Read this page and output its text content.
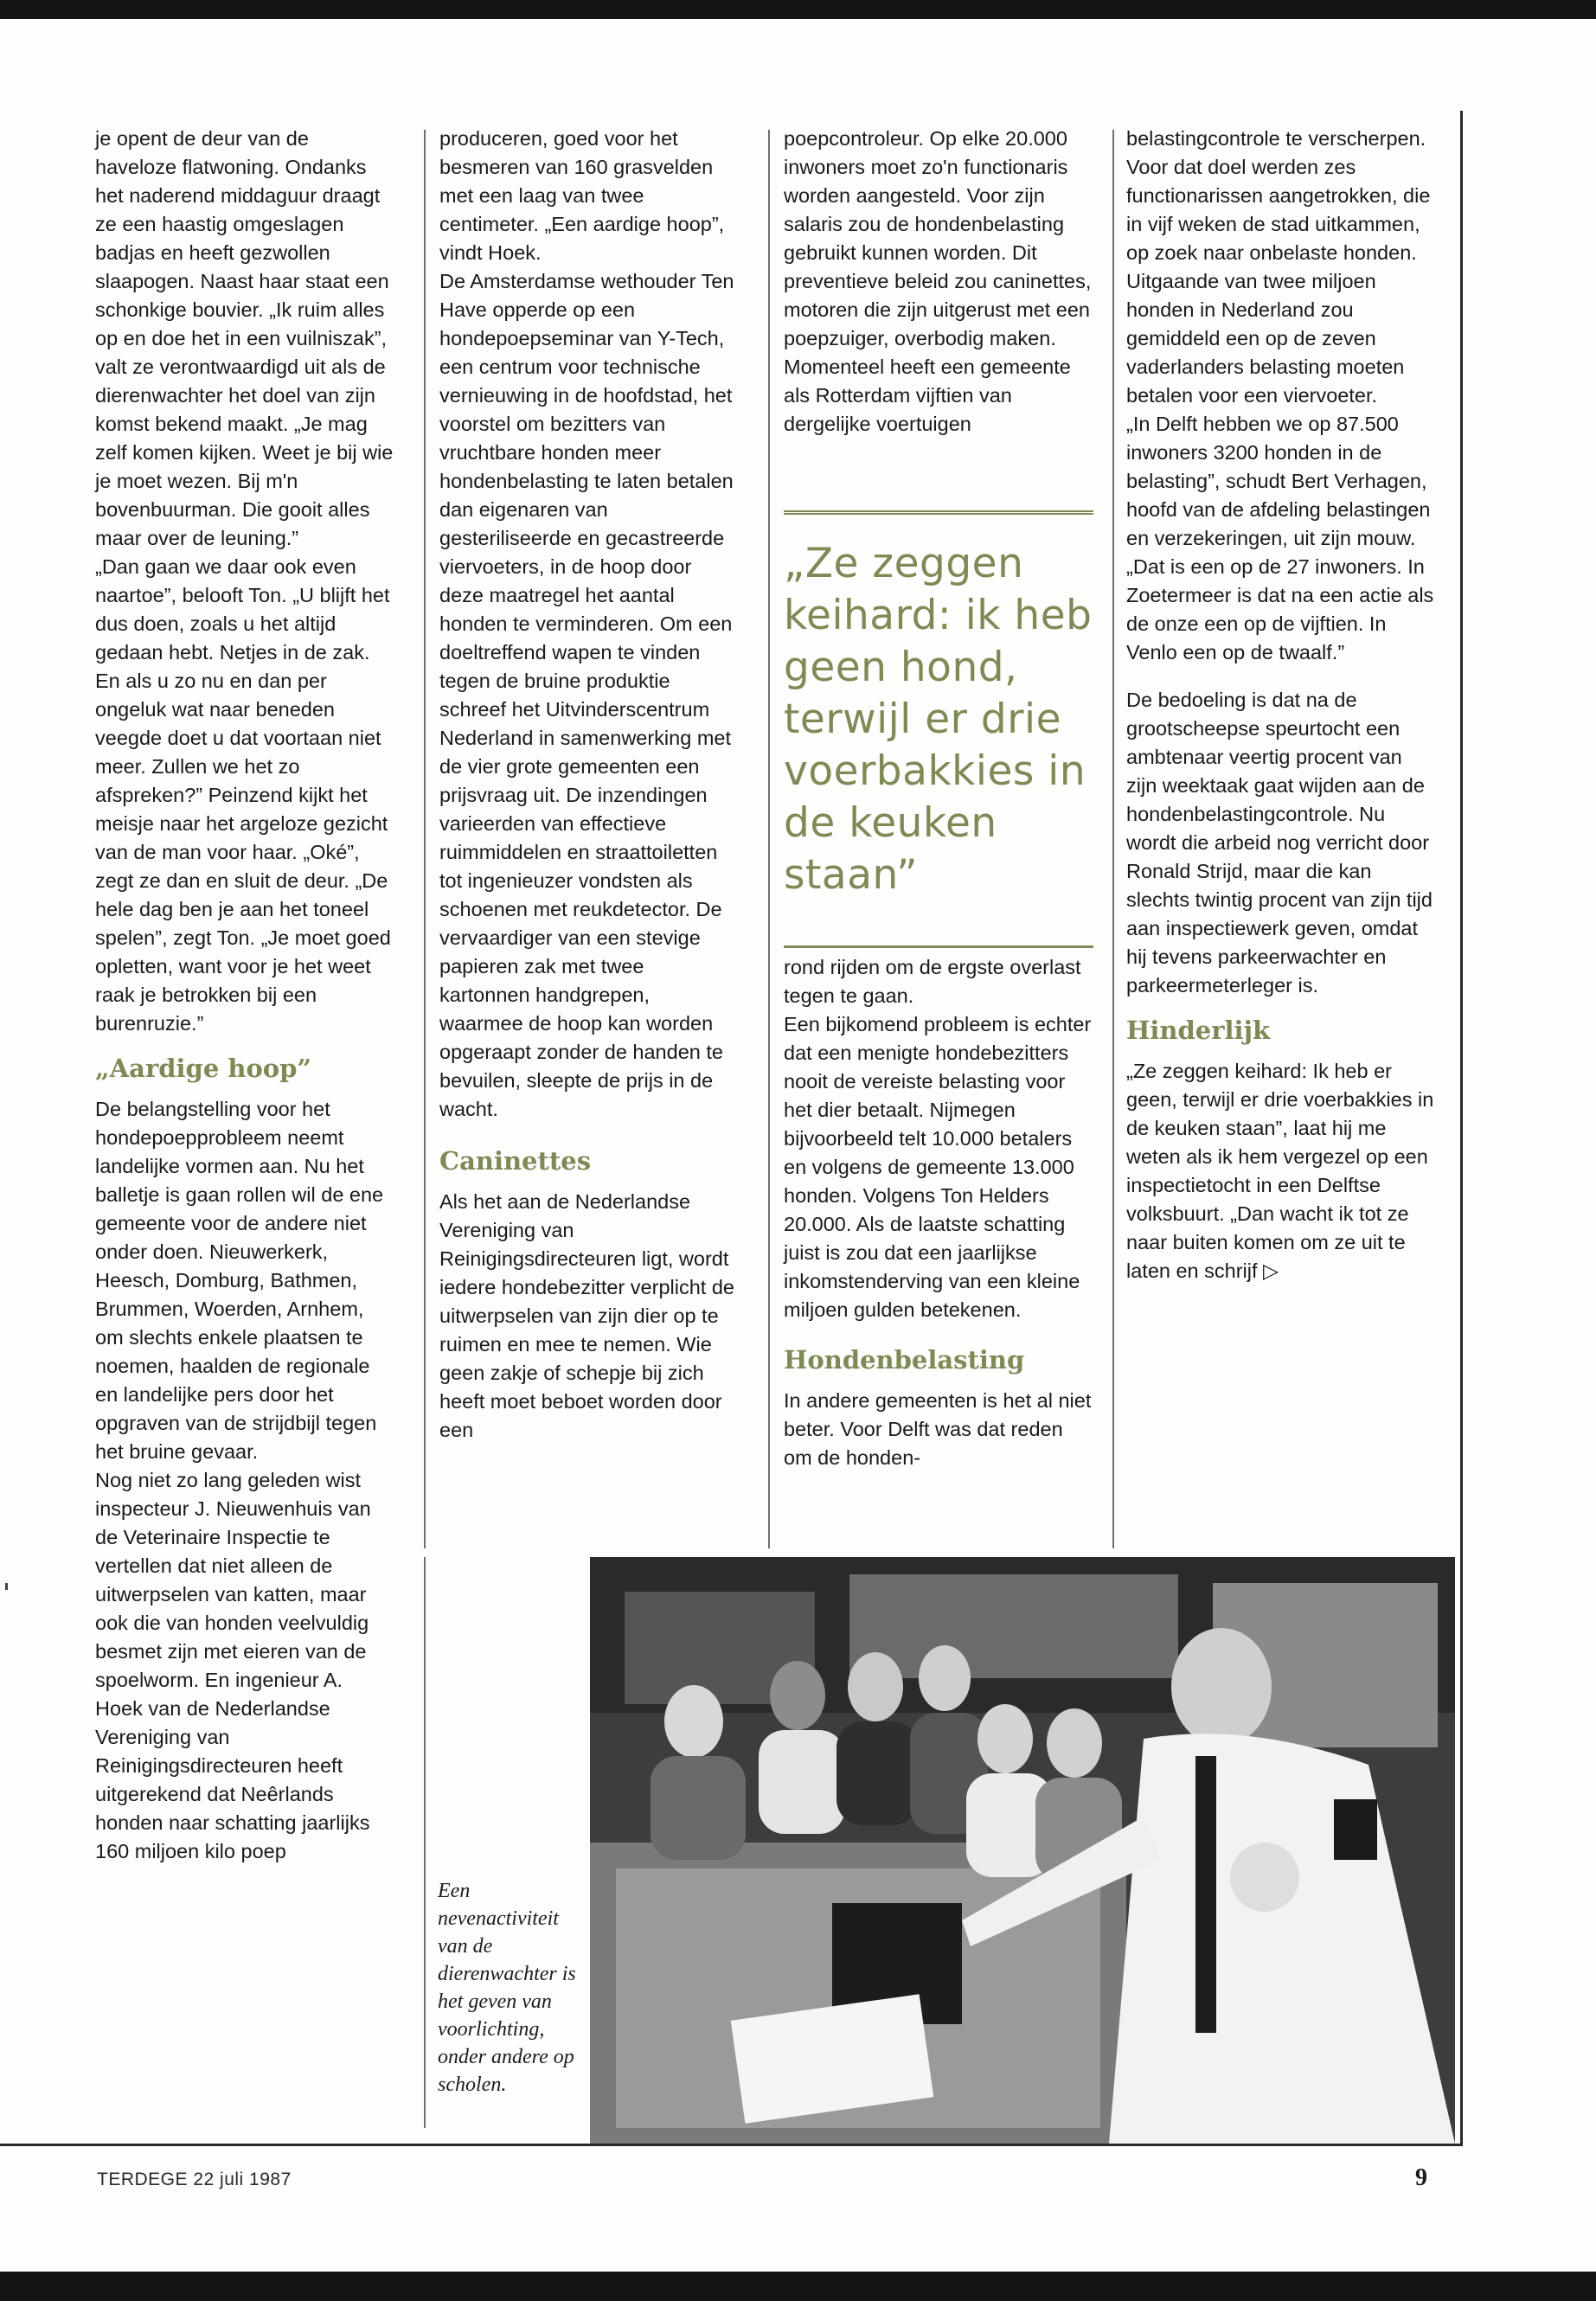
je opent de deur van de haveloze flatwoning. Ondanks het naderend middaguur draagt ze een haastig omgeslagen badjas en heeft gezwollen slaapogen. Naast haar staat een schonkige bouvier. „Ik ruim alles op en doe het in een vuilniszak”, valt ze verontwaardigd uit als de dierenwachter het doel van zijn komst bekend maakt. „Je mag zelf komen kijken. Weet je bij wie je moet wezen. Bij m'n bovenbuurman. Die gooit alles maar over de leuning.”

„Dan gaan we daar ook even naartoe”, belooft Ton. „U blijft het dus doen, zoals u het altijd gedaan hebt. Netjes in de zak. En als u zo nu en dan per ongeluk wat naar beneden veegde doet u dat voortaan niet meer. Zullen we het zo afspreken?” Peinzend kijkt het meisje naar het argeloze gezicht van de man voor haar. „Oké”, zegt ze dan en sluit de deur. „De hele dag ben je aan het toneel spelen”, zegt Ton. „Je moet goed opletten, want voor je het weet raak je betrokken bij een burenruzie.”

„Aardige hoop”

De belangstelling voor het hondepoepprobleem neemt landelijke vormen aan. Nu het balletje is gaan rollen wil de ene gemeente voor de andere niet onder doen. Nieuwerkerk, Heesch, Domburg, Bathmen, Brummen, Woerden, Arnhem, om slechts enkele plaatsen te noemen, haalden de regionale en landelijke pers door het opgraven van de strijdbijl tegen het bruine gevaar.

Nog niet zo lang geleden wist inspecteur J. Nieuwenhuis van de Veterinaire Inspectie te vertellen dat niet alleen de uitwerpselen van katten, maar ook die van honden veelvuldig besmet zijn met eieren van de spoelworm. En ingenieur A. Hoek van de Nederlandse Vereniging van Reinigingsdirecteuren heeft uitgerekend dat Neêrlands honden naar schatting jaarlijks 160 miljoen kilo poep

produceren, goed voor het besmeren van 160 grasvelden met een laag van twee centimeter. „Een aardige hoop”, vindt Hoek.

De Amsterdamse wethouder Ten Have opperde op een hondepoepseminar van Y-Tech, een centrum voor technische vernieuwing in de hoofdstad, het voorstel om bezitters van vruchtbare honden meer hondenbelasting te laten betalen dan eigenaren van gesteriliseerde en gecastreerde viervoeters, in de hoop door deze maatregel het aantal honden te verminderen. Om een doeltreffend wapen te vinden tegen de bruine produktie schreef het Uitvinderscentrum Nederland in samenwerking met de vier grote gemeenten een prijsvraag uit. De inzendingen varieerden van effectieve ruimmiddelen en straattoiletten tot ingenieuzer vondsten als schoenen met reukdetector. De vervaardiger van een stevige papieren zak met twee kartonnen handgrepen, waarmee de hoop kan worden opgeraapt zonder de handen te bevuilen, sleepte de prijs in de wacht.

Caninettes

Als het aan de Nederlandse Vereniging van Reinigingsdirecteuren ligt, wordt iedere hondebezitter verplicht de uitwerpselen van zijn dier op te ruimen en mee te nemen. Wie geen zakje of schepje bij zich heeft moet beboet worden door een

poepcontroleur. Op elke 20.000 inwoners moet zo'n functionaris worden aangesteld. Voor zijn salaris zou de hondenbelasting gebruikt kunnen worden. Dit preventieve beleid zou caninettes, motoren die zijn uitgerust met een poepzuiger, overbodig maken. Momenteel heeft een gemeente als Rotterdam vijftien van dergelijke voertuigen

„Ze zeggen keihard: ik heb geen hond, terwijl er drie voerbakkies in de keuken staan”

rond rijden om de ergste overlast tegen te gaan.

Een bijkomend probleem is echter dat een menigte hondebezitters nooit de vereiste belasting voor het dier betaalt. Nijmegen bijvoorbeeld telt 10.000 betalers en volgens de gemeente 13.000 honden. Volgens Ton Helders 20.000. Als de laatste schatting juist is zou dat een jaarlijkse inkomstenderving van een kleine miljoen gulden betekenen.

Hondenbelasting

In andere gemeenten is het al niet beter. Voor Delft was dat reden om de honden-

belastingcontrole te verscherpen. Voor dat doel werden zes functionarissen aangetrokken, die in vijf weken de stad uitkammen, op zoek naar onbelaste honden. Uitgaande van twee miljoen honden in Nederland zou gemiddeld een op de zeven vaderlanders belasting moeten betalen voor een viervoeter.

„In Delft hebben we op 87.500 inwoners 3200 honden in de belasting”, schudt Bert Verhagen, hoofd van de afdeling belastingen en verzekeringen, uit zijn mouw. „Dat is een op de 27 inwoners. In Zoetermeer is dat na een actie als de onze een op de vijftien. In Venlo een op de twaalf.”

De bedoeling is dat na de grootscheepse speurtocht een ambtenaar veertig procent van zijn weektaak gaat wijden aan de hondenbelastingcontrole. Nu wordt die arbeid nog verricht door Ronald Strijd, maar die kan slechts twintig procent van zijn tijd aan inspectiewerk geven, omdat hij tevens parkeerwachter en parkeermeterleger is.

Hinderlijk

„Ze zeggen keihard: Ik heb er geen, terwijl er drie voerbakkies in de keuken staan”, laat hij me weten als ik hem vergezel op een inspectietocht in een Delftse volksbuurt. „Dan wacht ik tot ze naar buiten komen om ze uit te laten en schrijf ▷

Een nevenactiviteit van de dierenwachter is het geven van voorlichting, onder andere op scholen.
TERDEGE 22 juli 1987	9
